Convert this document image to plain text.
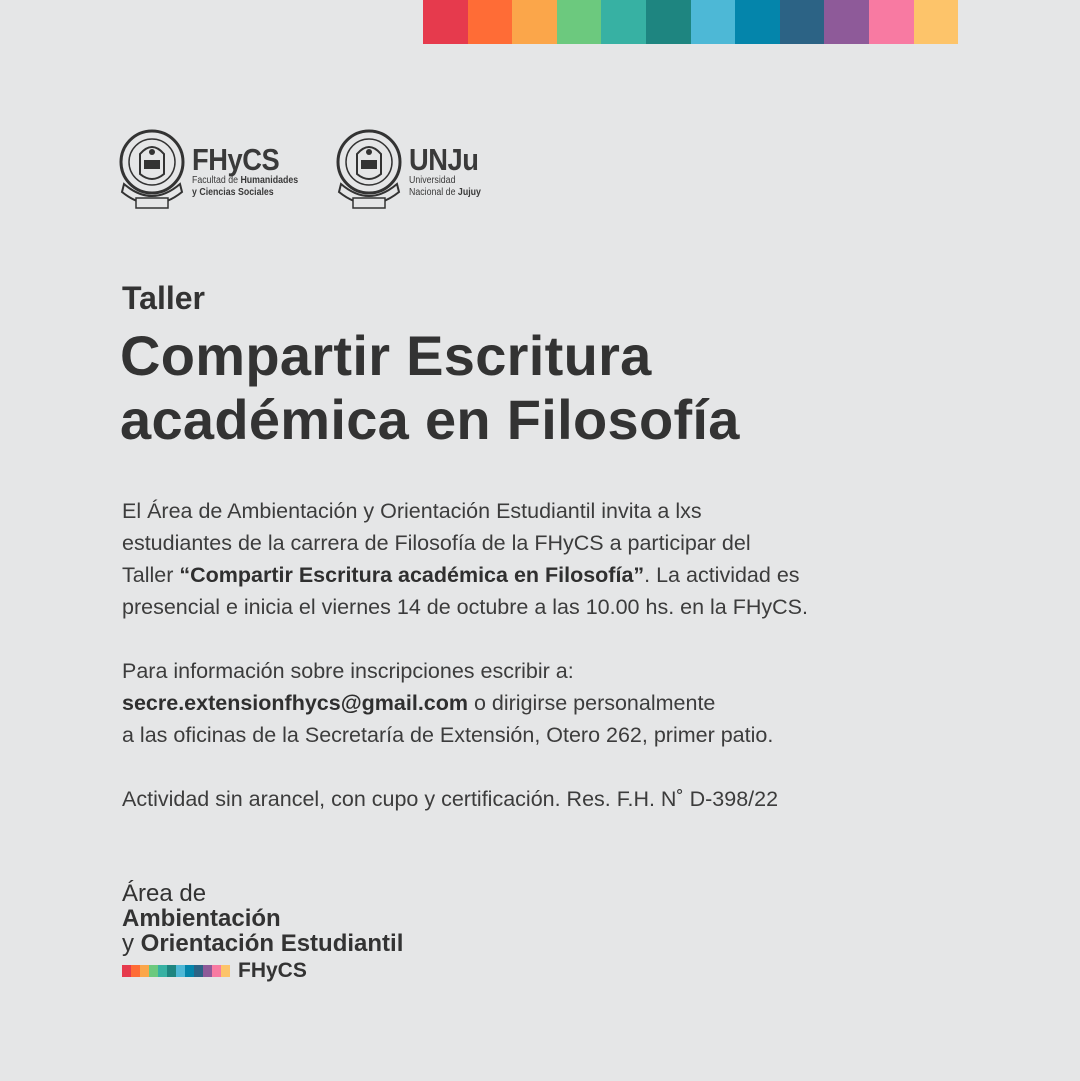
FHyCS
Facultad de Humanidades
y Ciencias Sociales
UNJu
Universidad
Nacional de Jujuy
Taller
Compartir Escritura
académica en Filosofía

El Área de Ambientación y Orientación Estudiantil invita a lxs
estudiantes de la carrera de Filosofía de la FHyCS a participar del
Taller “Compartir Escritura académica en Filosofía”. La actividad es
presencial e inicia el viernes 14 de octubre a las 10.00 hs. en la FHyCS.

Para información sobre inscripciones escribir a:
secre.extensionfhycs@gmail.com o dirigirse personalmente
a las oficinas de la Secretaría de Extensión, Otero 262, primer patio.

Actividad sin arancel, con cupo y certificación. Res. F.H. N˚ D-398/22

Área de
Ambientación
y Orientación Estudiantil
FHyCS
